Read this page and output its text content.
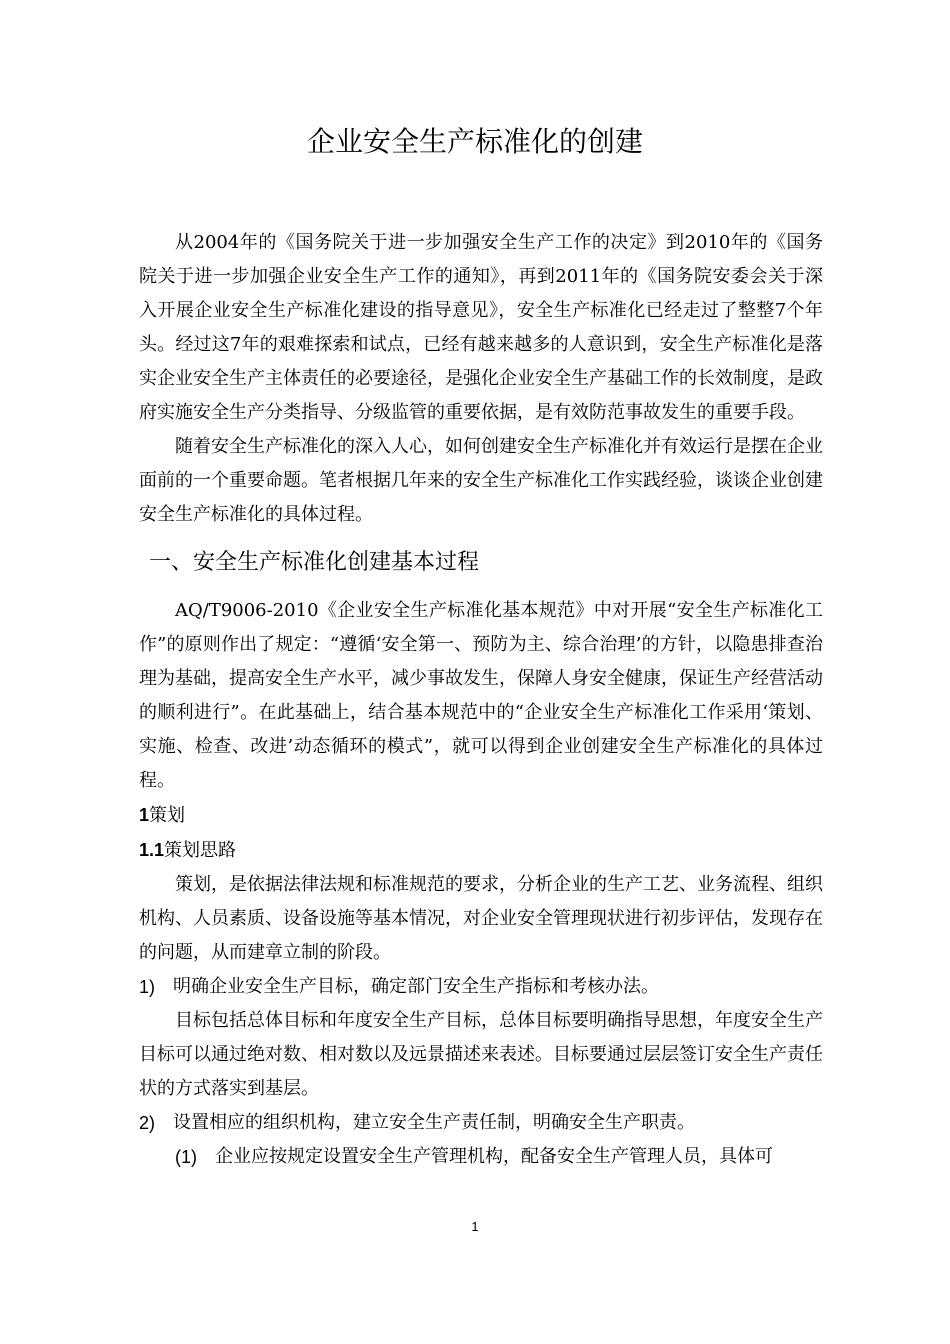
企业安全生产标准化的创建

从2004年的《国务院关于进一步加强安全生产工作的决定》到2010年的《国务院关于进一步加强企业安全生产工作的通知》，再到2011年的《国务院安委会关于深入开展企业安全生产标准化建设的指导意见》，安全生产标准化已经走过了整整7个年头。经过这7年的艰难探索和试点，已经有越来越多的人意识到，安全生产标准化是落实企业安全生产主体责任的必要途径，是强化企业安全生产基础工作的长效制度，是政府实施安全生产分类指导、分级监管的重要依据，是有效防范事故发生的重要手段。

随着安全生产标准化的深入人心，如何创建安全生产标准化并有效运行是摆在企业面前的一个重要命题。笔者根据几年来的安全生产标准化工作实践经验，谈谈企业创建安全生产标准化的具体过程。

一、安全生产标准化创建基本过程

AQ/T9006-2010《企业安全生产标准化基本规范》中对开展“安全生产标准化工作”的原则作出了规定：“遵循‘安全第一、预防为主、综合治理’的方针，以隐患排查治理为基础，提高安全生产水平，减少事故发生，保障人身安全健康，保证生产经营活动的顺利进行”。在此基础上，结合基本规范中的“企业安全生产标准化工作采用‘策划、实施、检查、改进’动态循环的模式”，就可以得到企业创建安全生产标准化的具体过程。

1策划

1.1策划思路

策划，是依据法律法规和标准规范的要求，分析企业的生产工艺、业务流程、组织机构、人员素质、设备设施等基本情况，对企业安全管理现状进行初步评估，发现存在的问题，从而建章立制的阶段。

1) 明确企业安全生产目标，确定部门安全生产指标和考核办法。

目标包括总体目标和年度安全生产目标，总体目标要明确指导思想，年度安全生产目标可以通过绝对数、相对数以及远景描述来表述。目标要通过层层签订安全生产责任状的方式落实到基层。

2) 设置相应的组织机构，建立安全生产责任制，明确安全生产职责。
(1)	企业应按规定设置安全生产管理机构，配备安全生产管理人员，具体可
1
